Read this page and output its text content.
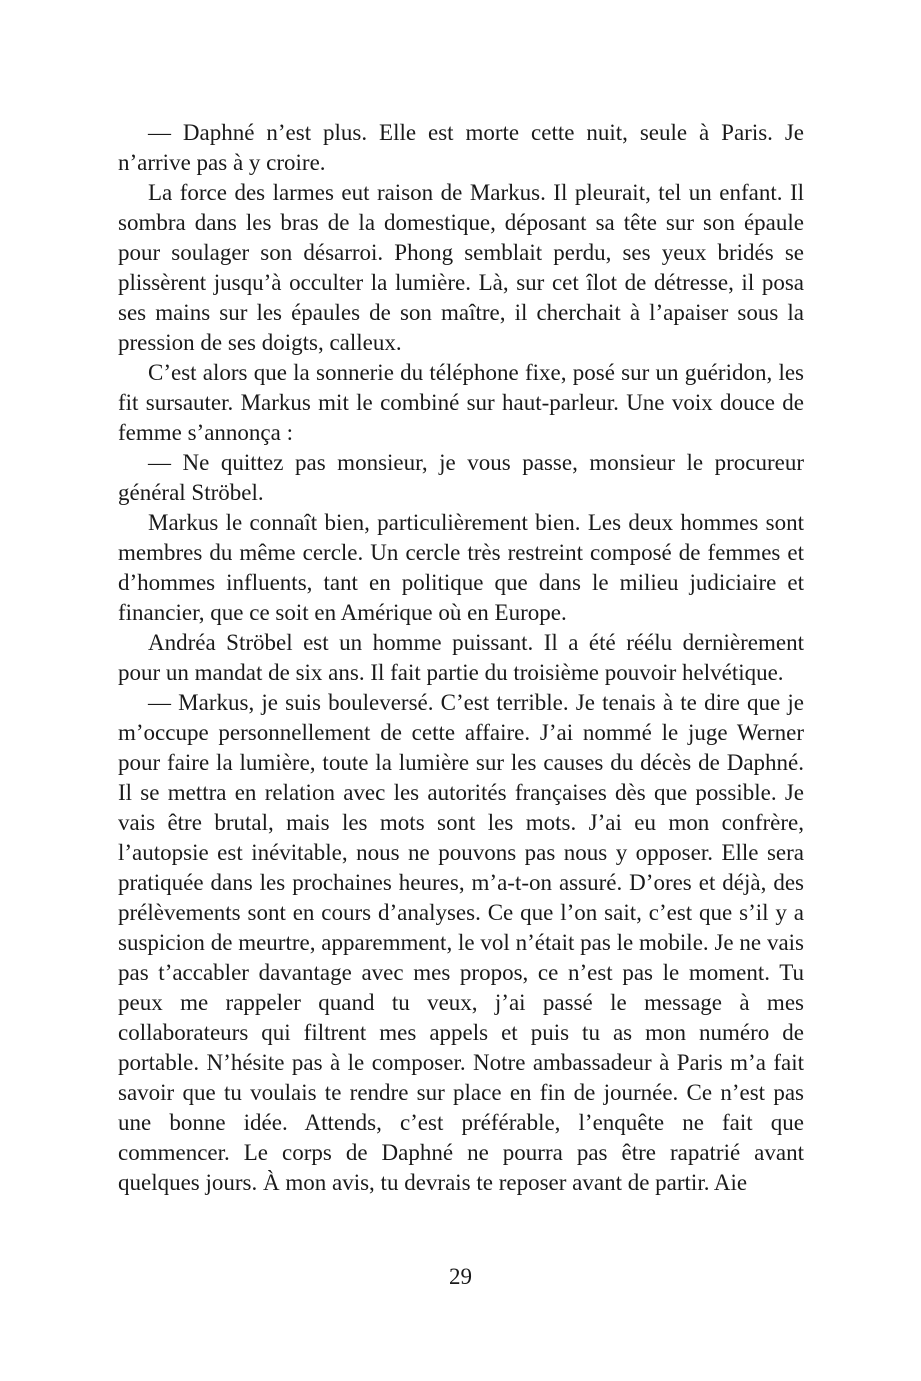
— Daphné n’est plus. Elle est morte cette nuit, seule à Paris. Je n’arrive pas à y croire.

La force des larmes eut raison de Markus. Il pleurait, tel un enfant. Il sombra dans les bras de la domestique, déposant sa tête sur son épaule pour soulager son désarroi. Phong semblait perdu, ses yeux bridés se plissèrent jusqu’à occulter la lumière. Là, sur cet îlot de détresse, il posa ses mains sur les épaules de son maître, il cherchait à l’apaiser sous la pression de ses doigts, calleux.

C’est alors que la sonnerie du téléphone fixe, posé sur un guéridon, les fit sursauter. Markus mit le combiné sur haut-parleur. Une voix douce de femme s’annonça :

— Ne quittez pas monsieur, je vous passe, monsieur le procureur général Ströbel.

Markus le connaît bien, particulièrement bien. Les deux hommes sont membres du même cercle. Un cercle très restreint composé de femmes et d’hommes influents, tant en politique que dans le milieu judiciaire et financier, que ce soit en Amérique où en Europe.

Andréa Ströbel est un homme puissant. Il a été réélu dernièrement pour un mandat de six ans. Il fait partie du troisième pouvoir helvétique.

— Markus, je suis bouleversé. C’est terrible. Je tenais à te dire que je m’occupe personnellement de cette affaire. J’ai nommé le juge Werner pour faire la lumière, toute la lumière sur les causes du décès de Daphné. Il se mettra en relation avec les autorités françaises dès que possible. Je vais être brutal, mais les mots sont les mots. J’ai eu mon confrère, l’autopsie est inévitable, nous ne pouvons pas nous y opposer. Elle sera pratiquée dans les prochaines heures, m’a-t-on assuré. D’ores et déjà, des prélèvements sont en cours d’analyses. Ce que l’on sait, c’est que s’il y a suspicion de meurtre, apparemment, le vol n’était pas le mobile. Je ne vais pas t’accabler davantage avec mes propos, ce n’est pas le moment. Tu peux me rappeler quand tu veux, j’ai passé le message à mes collaborateurs qui filtrent mes appels et puis tu as mon numéro de portable. N’hésite pas à le composer. Notre ambassadeur à Paris m’a fait savoir que tu voulais te rendre sur place en fin de journée. Ce n’est pas une bonne idée. Attends, c’est préférable, l’enquête ne fait que commencer. Le corps de Daphné ne pourra pas être rapatrié avant quelques jours. À mon avis, tu devrais te reposer avant de partir. Aie

29
